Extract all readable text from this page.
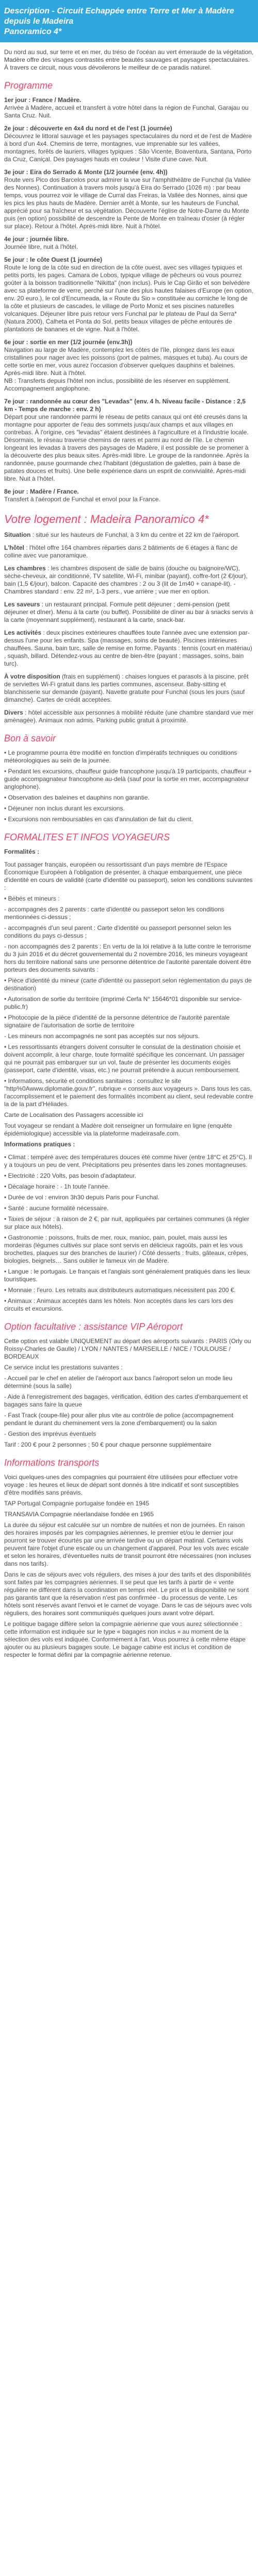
Description - Circuit Echappée entre Terre et Mer à Madère depuis le Madeira

Panoramico 4*

Du nord au sud, sur terre et en mer, du tréso de l'océan au vert émeraude de la végétation, Madère offre des visages contrastés entre beautés sauvages et paysages spectaculaires. À travers ce circuit, nous vous dévoilerons le meilleur de ce paradis naturel.

Programme

1er jour : France / Madère.

Arrivée à Madère, accueil et transfert à votre hôtel dans la région de Funchal, Garajau ou Santa Cruz. Nuit.

2e jour : découverte en 4x4 du nord et de l'est (1 journée)

Découvrez le littoral sauvage et les paysages spectaculaires du nord et de l'est de Madère à bord d'un 4x4. Chemins de terre, montagnes, vue imprenable sur les vallées, montagnes, forêts de lauriers, villages typiques : São Vicente, Boaventura, Santana, Porto da Cruz, Caniçal. Des paysages hauts en couleur ! Visite d'une cave. Nuit.

3e jour : Eira do Serrado & Monte (1/2 journée (env. 4h))

Route vers Pico dos Barcelos pour admirer la vue sur l'amphithéâtre de Funchal (la Vallée des Nonnes). Continuation à travers mols jusqu'à Eira do Serrado (1026 m) : par beau temps, vous pourrez voir le village de Curral das Freiras, la Vallée des Nonnes, ainsi que les pics les plus hauts de Madère. Dernier arrêt à Monte, sur les hauteurs de Funchal, apprécié pour sa fraîcheur et sa végétation. Découverte l'église de Notre-Dame du Monte puis (en option) possibilité de descendre la Pente de Monte en traîneau d'osier (à régler sur place). Retour à l'hôtel. Après-midi libre. Nuit à l'hôtel.

4e jour : journée libre.

Journée libre, nuit à l'hôtel.

5e jour : le côte Ouest (1 journée)

Route le long de la côte sud en direction de la côte ouest, avec ses villages typiques et petits ports, les pages. Camara de Lobos, typique village de pêcheurs où vous pourrez goûter à la boisson traditionnelle "Nikitta" (non inclus). Puis le Cap Girão et son belvédère avec sa plateforme de verre, perché sur l'une des plus hautes falaises d'Europe (en option, env. 20 euro.), le col d'Encumeada, la « Route du Sio » constituée au corniche le long de la côte et plusieurs de cascades, le village de Porto Moniz et ses piscines naturelles volcaniques. Déjeuner libre puis retour vers Funchal par le plateau de Paul da Serra* (Natura 2000), Calheta et Ponta do Sol, petits beaux villages de pêche entourés de plantations de bananes et de vigne. Nuit à l'hôtel.

6e jour : sortie en mer (1/2 journée (env.3h))

Navigation au large de Madère, contemplez les côtes de l'île, plongez dans les eaux cristallines pour nager avec les poissons (port de palmes, masques et tuba). Au cours de cette sortie en mer, vous aurez l'occasion d'observer quelques dauphins et baleines. Après-midi libre. Nuit à l'hôtel.
NB : Transferts depuis l'hôtel non inclus, possibilité de les réserver en supplément. Accompagnement anglophone.

7e jour : randonnée au cœur des "Levadas" (env. 4 h. Niveau facile - Distance : 2,5 km - Temps de marche : env. 2 h)

Départ pour une randonnée parmi le réseau de petits canaux qui ont été creusés dans la montagne pour apporter de l'eau des sommets jusqu'aux champs et aux villages en contrebas. À l'origine, ces "levadas" étaient destinées à l'agriculture et à l'industrie locale. Désormais, le réseau traverse chemins de rares et parmi au nord de l'île. Le chemin longeant les levadas à travers des paysages de Madère, il est possible de se promener à la découverte des plus beaux sites. Après-midi libre. Le groupe de la randonnée. Après la randonnée, pause gourmande chez l'habitant (dégustation de galettes, pain à base de patates douces et fruits). Une belle expérience dans un esprit de convivialité. Après-midi libre. Nuit à l'hôtel.

8e jour : Madère / France.

Transfert à l'aéroport de Funchal et envol pour la France.

Votre logement : Madeira Panoramico 4*

Situation : situé sur les hauteurs de Funchal, à 3 km du centre et 22 km de l'aéroport.

L'hôtel : l'hôtel offre 164 chambres réparties dans 2 bâtiments de 6 étages à flanc de colline avec vue panoramique.

Les chambres : les chambres disposent de salle de bains (douche ou baignoire/WC), sèche-cheveux, air conditionné, TV satellite, Wi-Fi, minibar (payant), coffre-fort (2 €/jour), bain (1,5 €/jour), balcon. Capacité des chambres : 2 ou 3 (lit de 1m40 + canapé-lit). - Chambres standard : env. 22 m², 1-3 pers., vue arrière ; vue mer en option.

Les saveurs : un restaurant principal. Formule petit déjeuner ; demi-pension (petit déjeuner et dîner). Menu à la carte (ou buffet). Possibilité de dîner au bar à snacks servis à la carte (moyennant supplément), restaurant à la carte, snack-bar.

Les activités : deux piscines extérieures chauffées toute l'année avec une extension par-dessus l'une pour les enfants. Spa (massages, soins de beauté). Piscines intérieures chauffées. Sauna, bain turc, salle de remise en forme. Payants : tennis (court en matériau) , squash, billard. Détendez-vous au centre de bien-être (payant ; massages, soins, bain turc).

À votre disposition (frais en supplément) : chaises longues et parasols à la piscine, prêt de serviettes Wi-Fi gratuit dans les parties communes, ascenseur. Baby-sitting et blanchisserie sur demande (payant). Navette gratuite pour Funchal (sous les jours (sauf dimanche). Cartes de crédit acceptées.

Divers : hôtel accessible aux personnes à mobilité réduite (une chambre standard vue mer aménagée). Animaux non admis. Parking public gratuit à proximité.

Bon à savoir

• Le programme pourra être modifié en fonction d'impératifs techniques ou conditions météorologiques au sein de la journée.

• Pendant les excursions, chauffeur guide francophone jusqu'à 19 participants, chauffeur + guide accompagnateur francophone au-delà (sauf pour la sortie en mer, accompagnateur anglophone).

• Observation des baleines et dauphins non garantie.

• Déjeuner non inclus durant les excursions.

• Excursions non remboursables en cas d'annulation de fait du client.

FORMALITES ET INFOS VOYAGEURS

Formalités :

Tout passager français, européen ou ressortissant d'un pays membre de l'Espace Économique Européen à l'obligation de présenter, à chaque embarquement, une pièce d'identité en cours de validité (carte d'identité ou passeport), selon les conditions suivantes :

• Bébés et mineurs :

- accompagnés des 2 parents : carte d'identité ou passeport selon les conditions mentionnées ci-dessus ;

- accompagnés d'un seul parent : Carte d'identité ou passeport personnel selon les conditions du pays ci-dessus ;

- non accompagnés des 2 parents : En vertu de la loi relative à la lutte contre le terrorisme du 3 juin 2016 et du décret gouvernemental du 2 novembre 2016, les mineurs voyageant hors du territoire national sans une personne détentrice de l'autorité parentale doivent être porteurs des documents suivants :

• Pièce d'identité du mineur (carte d'identité ou passeport selon réglementation du pays de destination)

• Autorisation de sortie du territoire (imprimé Cerfa N° 15646*01 disponible sur service-public.fr)

• Photocopie de la pièce d'identité de la personne détentrice de l'autorité parentale signataire de l'autorisation de sortie de territoire

- Les mineurs non accompagnés ne sont pas acceptés sur nos séjours.

• Les ressortissants étrangers doivent consulter le consulat de la destination choisie et doivent accomplir, à leur charge, toute formalité spécifique les concernant. Un passager qui ne pourrait pas embarquer sur un vol, faute de présenter les documents exigés (passeport, carte d'identité, visas, etc.) ne pourrait prétendre à aucun remboursement.

• Informations, sécurité et conditions sanitaires : consultez le site "http%0Awww.diplomatie.gouv.fr", rubrique « conseils aux voyageurs ». Dans tous les cas, l'accomplissement et le paiement des formalités incombent au client, seul redevable contre la de la part d'Héliades.

Carte de Localisation des Passagers accessible ici

Tout voyageur se rendant à Madère doit renseigner un formulaire en ligne (enquête épidémiologique) accessible via la plateforme madeirasafe.com.

Informations pratiques :

• Climat : tempéré avec des températures douces été comme hiver (entre 18°C et 25°C). Il y a toujours un peu de vent. Précipitations peu présentes dans les zones montagneuses.

• Electricité : 220 Volts, pas besoin d'adaptateur.

• Décalage horaire : - 1h toute l'année.

• Durée de vol : environ 3h30 depuis Paris pour Funchal.

• Santé : aucune formalité nécessaire.

• Taxes de séjour : à raison de 2 €, par nuit, appliquées par certaines communes (à régler sur place aux hôtels).

• Gastronomie : poissons, fruits de mer, roux, manioc, pain, poulet, mais aussi les mordeiras (légumes cultivés sur place sont servis en délicieux ragoûts, pain et les vous brochettes, plaques sur des branches de laurier) / Côté desserts : fruits, gâteaux, crêpes, biologies, beignets… Sans oublier le fameux vin de Madère.

• Langue : le portugais. Le français et l'anglais sont généralement pratiqués dans les lieux touristiques.

• Monnaie : l'euro. Les retraits aux distributeurs automatiques nécessitent pas 200 €.

• Animaux : Animaux acceptés dans les hôtels. Non acceptés dans les cars lors des circuits et excursions.

Option facultative : assistance VIP Aéroport

Cette option est valable UNIQUEMENT au départ des aéroports suivants : PARIS (Orly ou Roissy-Charles de Gaulle) / LYON / NANTES / MARSEILLE / NICE / TOULOUSE / BORDEAUX

Ce service inclut les prestations suivantes :

- Accueil par le chef en atelier de l'aéroport aux bancs l'aéroport selon un mode lieu déterminé (sous la salle)

- Aide à l'enregistrement des bagages, vérification, édition des cartes d'embarquement et bagages sans faire la queue

- Fast Track (coupe-file) pour aller plus vite au contrôle de police (accompagnement pendant le durant du cheminement vers la zone d'embarquement) ou la salon

- Gestion des imprévus éventuels

Tarif : 200 € pour 2 personnes ; 50 € pour chaque personne supplémentaire

Informations transports

Voici quelques-unes des compagnies qui pourraient être utilisées pour effectuer votre voyage : les heures et lieux de départ sont donnés à titre indicatif et sont susceptibles d'être modifiés sans préavis.

TAP Portugal Compagnie portugaise fondée en 1945

TRANSAVIA Compagnie néerlandaise fondée en 1965

La durée du séjour est calculée sur un nombre de nuitées et non de journées. En raison des horaires imposés par les compagnies aériennes, le premier et/ou le dernier jour pourront se trouver écourtés par une arrivée tardive ou un départ matinal. Certains vols peuvent faire l'objet d'une escale ou un changement d'appareil. Pour les vols avec escale et selon les horaires, d'éventuelles nuits de transit pourront être nécessaires (non incluses dans nos tarifs).

Dans le cas de séjours avec vols réguliers, des mises à jour des tarifs et des disponibilités sont faites par les compagnies aériennes. Il se peut que les tarifs à partir de « vente régulière ne diffèrent dans la coordination en temps réel. Le prix et la disponibilité ne sont pas garantis tant que la réservation n'est pas confirmée - du processus de vente. Les hôtels sont réservés avant l'envoi et le carnet de voyage. Dans le cas de séjours avec vols réguliers, des horaires sont communiqués quelques jours avant votre départ.

Le politique bagage diffère selon la compagnie aérienne que vous aurez sélectionnée : cette information est indiquée sur le type « bagages non inclus » au moment de la sélection des vols est indiquée. Conformément à l'art. Vous pourrez à cette même étape ajouter ou au plusieurs bagages soute. Le bagage cabine est inclus et condition de respecter le format défini par la compagnie aérienne retenue.
